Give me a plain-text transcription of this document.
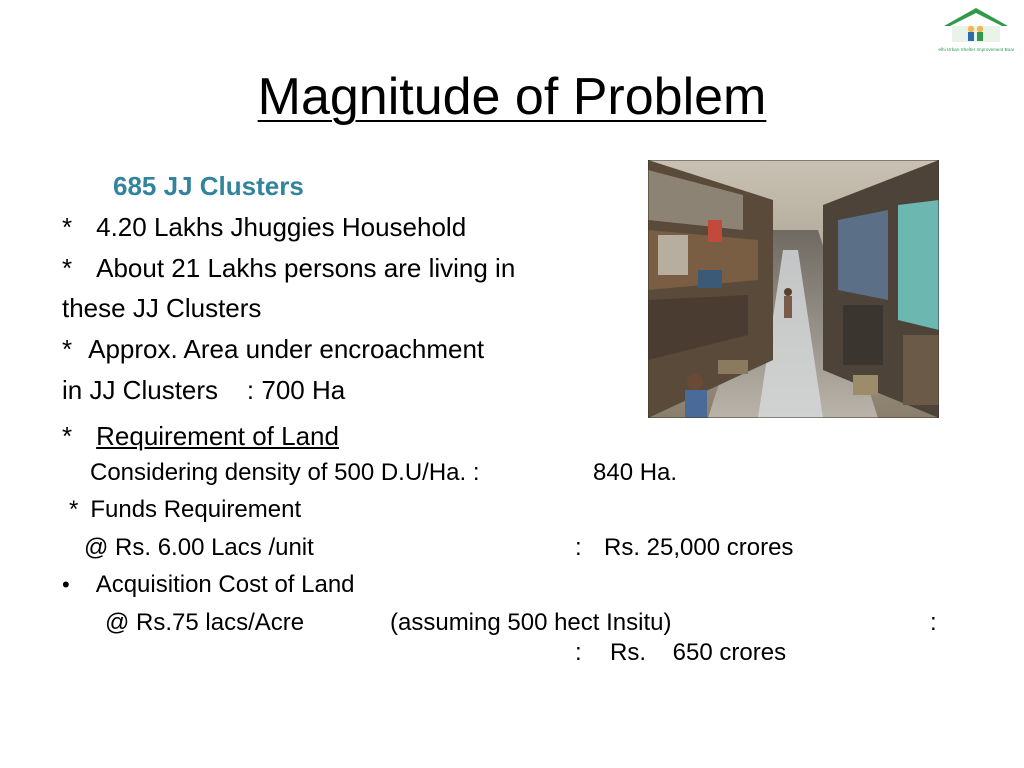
Delhi Urban Shelter Improvement Board
Magnitude of Problem
685 JJ Clusters
* 4.20 Lakhs Jhuggies Household
* About 21 Lakhs persons are living in
these JJ Clusters
* Approx. Area under encroachment
in JJ Clusters    : 700 Ha
* Requirement of Land
Considering density of 500 D.U/Ha. :	840 Ha.
* Funds Requirement
@ Rs. 6.00 Lacs /unit	: Rs. 25,000 crores
• Acquisition Cost of Land
@ Rs.75 lacs/Acre	(assuming 500 hect Insitu)	:
: Rs.    650 crores
